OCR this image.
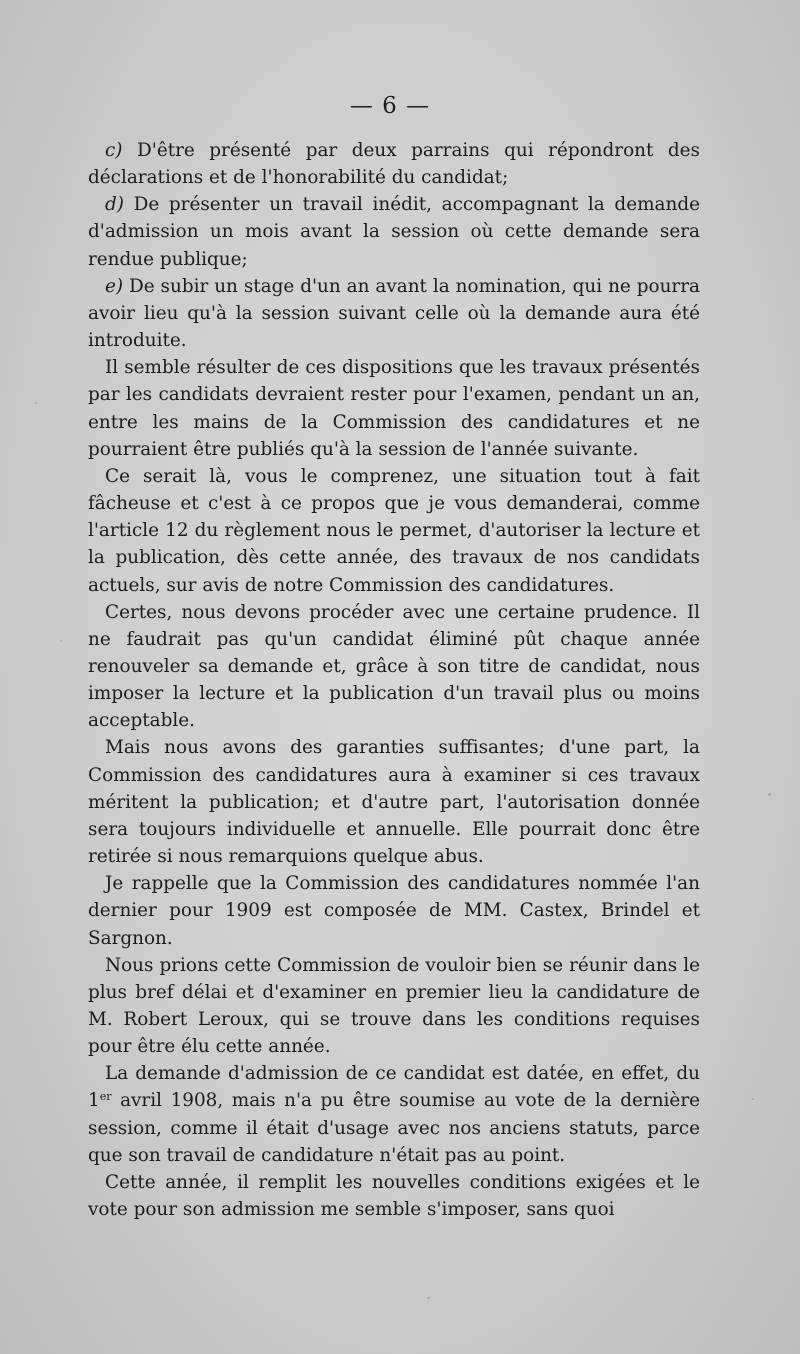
— 6 —

c) D'être présenté par deux parrains qui répondront des déclarations et de l'honorabilité du candidat;

d) De présenter un travail inédit, accompagnant la demande d'admission un mois avant la session où cette demande sera rendue publique;

e) De subir un stage d'un an avant la nomination, qui ne pourra avoir lieu qu'à la session suivant celle où la demande aura été introduite.

Il semble résulter de ces dispositions que les travaux présentés par les candidats devraient rester pour l'examen, pendant un an, entre les mains de la Commission des candidatures et ne pourraient être publiés qu'à la session de l'année suivante.

Ce serait là, vous le comprenez, une situation tout à fait fâcheuse et c'est à ce propos que je vous demanderai, comme l'article 12 du règlement nous le permet, d'autoriser la lecture et la publication, dès cette année, des travaux de nos candidats actuels, sur avis de notre Commission des candidatures.

Certes, nous devons procéder avec une certaine prudence. Il ne faudrait pas qu'un candidat éliminé pût chaque année renouveler sa demande et, grâce à son titre de candidat, nous imposer la lecture et la publication d'un travail plus ou moins acceptable.

Mais nous avons des garanties suffisantes; d'une part, la Commission des candidatures aura à examiner si ces travaux méritent la publication; et d'autre part, l'autorisation donnée sera toujours individuelle et annuelle. Elle pourrait donc être retirée si nous remarquions quelque abus.

Je rappelle que la Commission des candidatures nommée l'an dernier pour 1909 est composée de MM. Castex, Brindel et Sargnon.

Nous prions cette Commission de vouloir bien se réunir dans le plus bref délai et d'examiner en premier lieu la candidature de M. Robert Leroux, qui se trouve dans les conditions requises pour être élu cette année.

La demande d'admission de ce candidat est datée, en effet, du 1er avril 1908, mais n'a pu être soumise au vote de la dernière session, comme il était d'usage avec nos anciens statuts, parce que son travail de candidature n'était pas au point.

Cette année, il remplit les nouvelles conditions exigées et le vote pour son admission me semble s'imposer, sans quoi
